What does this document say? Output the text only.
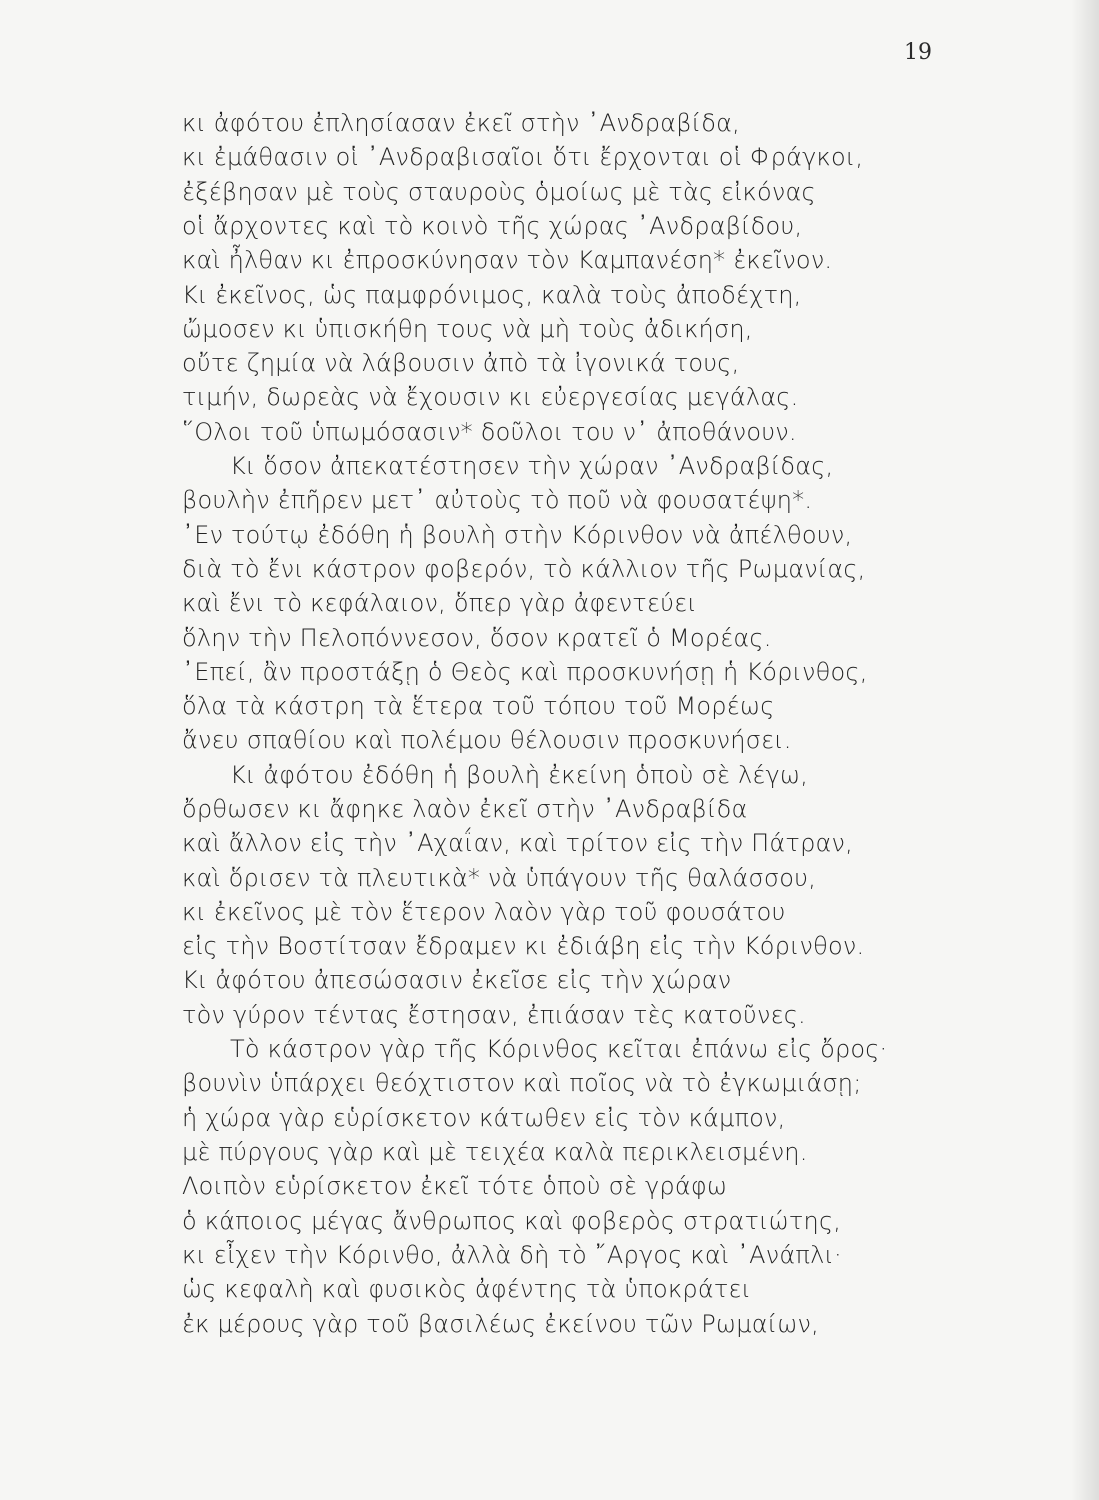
19
κι ἀφότου ἐπλησίασαν ἐκεῖ στὴν ᾿Ανδραβίδα,
κι ἐμάθασιν οἱ ᾿Ανδραβισαῖοι ὅτι ἔρχονται οἱ Φράγκοι,
ἐξέβησαν μὲ τοὺς σταυροὺς ὁμοίως μὲ τὰς εἰκόνας
οἱ ἄρχοντες καὶ τὸ κοινὸ τῆς χώρας ᾿Ανδραβίδου,
καὶ ἦλθαν κι ἐπροσκύνησαν τὸν Καμπανέση* ἐκεῖνον.
Κι ἐκεῖνος, ὡς παμφρόνιμος, καλὰ τοὺς ἀποδέχτη,
ὤμοσεν κι ὑπισκήθη τους νὰ μὴ τοὺς ἀδικήση,
οὔτε ζημία νὰ λάβουσιν ἀπὸ τὰ ἰγονικά τους,
τιμήν, δωρεὰς νὰ ἔχουσιν κι εὐεργεσίας μεγάλας.
῞Ολοι τοῦ ὑπωμόσασιν* δοῦλοι του ν᾿ ἀποθάνουν.
Κι ὅσον ἀπεκατέστησεν τὴν χώραν ᾿Ανδραβίδας,
βουλὴν ἐπῆρεν μετ᾿ αὐτοὺς τὸ ποῦ νὰ φουσατέψη*.
᾿Εν τούτῳ ἐδόθη ἡ βουλὴ στὴν Κόρινθον νὰ ἀπέλθουν,
διὰ τὸ ἔνι κάστρον φοβερόν, τὸ κάλλιον τῆς Ρωμανίας,
καὶ ἔνι τὸ κεφάλαιον, ὅπερ γὰρ ἀφεντεύει
ὅλην τὴν Πελοπόννεσον, ὅσον κρατεῖ ὁ Μορέας.
᾿Επεί, ἂν προστάξῃ ὁ Θεὸς καὶ προσκυνήσῃ ἡ Κόρινθος,
ὅλα τὰ κάστρη τὰ ἕτερα τοῦ τόπου τοῦ Μορέως
ἄνευ σπαθίου καὶ πολέμου θέλουσιν προσκυνήσει.
Κι ἀφότου ἐδόθη ἡ βουλὴ ἐκείνη ὁποὺ σὲ λέγω,
ὄρθωσεν κι ἄφηκε λαὸν ἐκεῖ στὴν ᾿Ανδραβίδα
καὶ ἄλλον εἰς τὴν ᾿Αχαΐαν, καὶ τρίτον εἰς τὴν Πάτραν,
καὶ ὅρισεν τὰ πλευτικὰ* νὰ ὑπάγουν τῆς θαλάσσου,
κι ἐκεῖνος μὲ τὸν ἕτερον λαὸν γὰρ τοῦ φουσάτου
εἰς τὴν Βοστίτσαν ἔδραμεν κι ἐδιάβη εἰς τὴν Κόρινθον.
Κι ἀφότου ἀπεσώσασιν ἐκεῖσε εἰς τὴν χώραν
τὸν γύρον τέντας ἔστησαν, ἐπιάσαν τὲς κατοῦνες.
Τὸ κάστρον γὰρ τῆς Κόρινθος κεῖται ἐπάνω εἰς ὄρος·
βουνὶν ὑπάρχει θεόχτιστον καὶ ποῖος νὰ τὸ ἐγκωμιάσῃ;
ἡ χώρα γὰρ εὑρίσκετον κάτωθεν εἰς τὸν κάμπον,
μὲ πύργους γὰρ καὶ μὲ τειχέα καλὰ περικλεισμένη.
Λοιπὸν εὑρίσκετον ἐκεῖ τότε ὁποὺ σὲ γράφω
ὁ κάποιος μέγας ἄνθρωπος καὶ φοβερὸς στρατιώτης,
κι εἶχεν τὴν Κόρινθο, ἀλλὰ δὴ τὸ ῎Αργος καὶ ᾿Ανάπλι·
ὡς κεφαλὴ καὶ φυσικὸς ἀφέντης τὰ ὑποκράτει
ἐκ μέρους γὰρ τοῦ βασιλέως ἐκείνου τῶν Ρωμαίων,
